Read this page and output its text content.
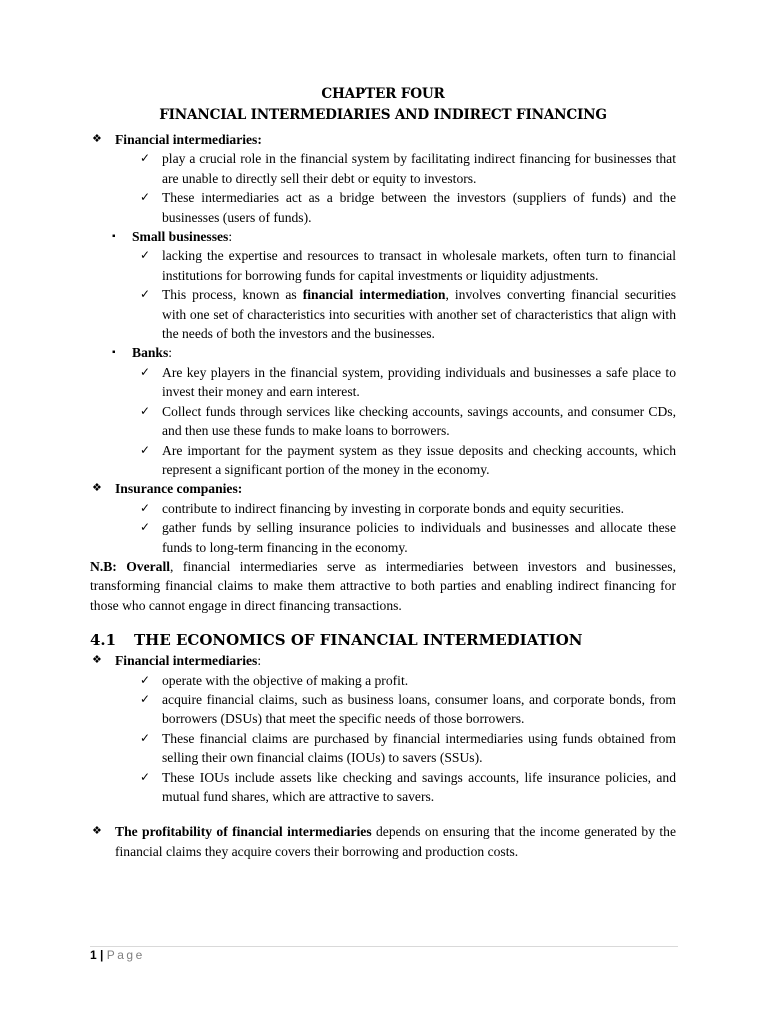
CHAPTER FOUR
FINANCIAL INTERMEDIARIES AND INDIRECT FINANCING
❖ Financial intermediaries:
✓ play a crucial role in the financial system by facilitating indirect financing for businesses that are unable to directly sell their debt or equity to investors.
✓ These intermediaries act as a bridge between the investors (suppliers of funds) and the businesses (users of funds).
▪ Small businesses:
✓ lacking the expertise and resources to transact in wholesale markets, often turn to financial institutions for borrowing funds for capital investments or liquidity adjustments.
✓ This process, known as financial intermediation, involves converting financial securities with one set of characteristics into securities with another set of characteristics that align with the needs of both the investors and the businesses.
▪ Banks:
✓ Are key players in the financial system, providing individuals and businesses a safe place to invest their money and earn interest.
✓ Collect funds through services like checking accounts, savings accounts, and consumer CDs, and then use these funds to make loans to borrowers.
✓ Are important for the payment system as they issue deposits and checking accounts, which represent a significant portion of the money in the economy.
❖ Insurance companies:
✓ contribute to indirect financing by investing in corporate bonds and equity securities.
✓ gather funds by selling insurance policies to individuals and businesses and allocate these funds to long-term financing in the economy.
N.B: Overall, financial intermediaries serve as intermediaries between investors and businesses, transforming financial claims to make them attractive to both parties and enabling indirect financing for those who cannot engage in direct financing transactions.
4.1 THE ECONOMICS OF FINANCIAL INTERMEDIATION
❖ Financial intermediaries:
✓ operate with the objective of making a profit.
✓ acquire financial claims, such as business loans, consumer loans, and corporate bonds, from borrowers (DSUs) that meet the specific needs of those borrowers.
✓ These financial claims are purchased by financial intermediaries using funds obtained from selling their own financial claims (IOUs) to savers (SSUs).
✓ These IOUs include assets like checking and savings accounts, life insurance policies, and mutual fund shares, which are attractive to savers.
❖ The profitability of financial intermediaries depends on ensuring that the income generated by the financial claims they acquire covers their borrowing and production costs.
1 | Page
